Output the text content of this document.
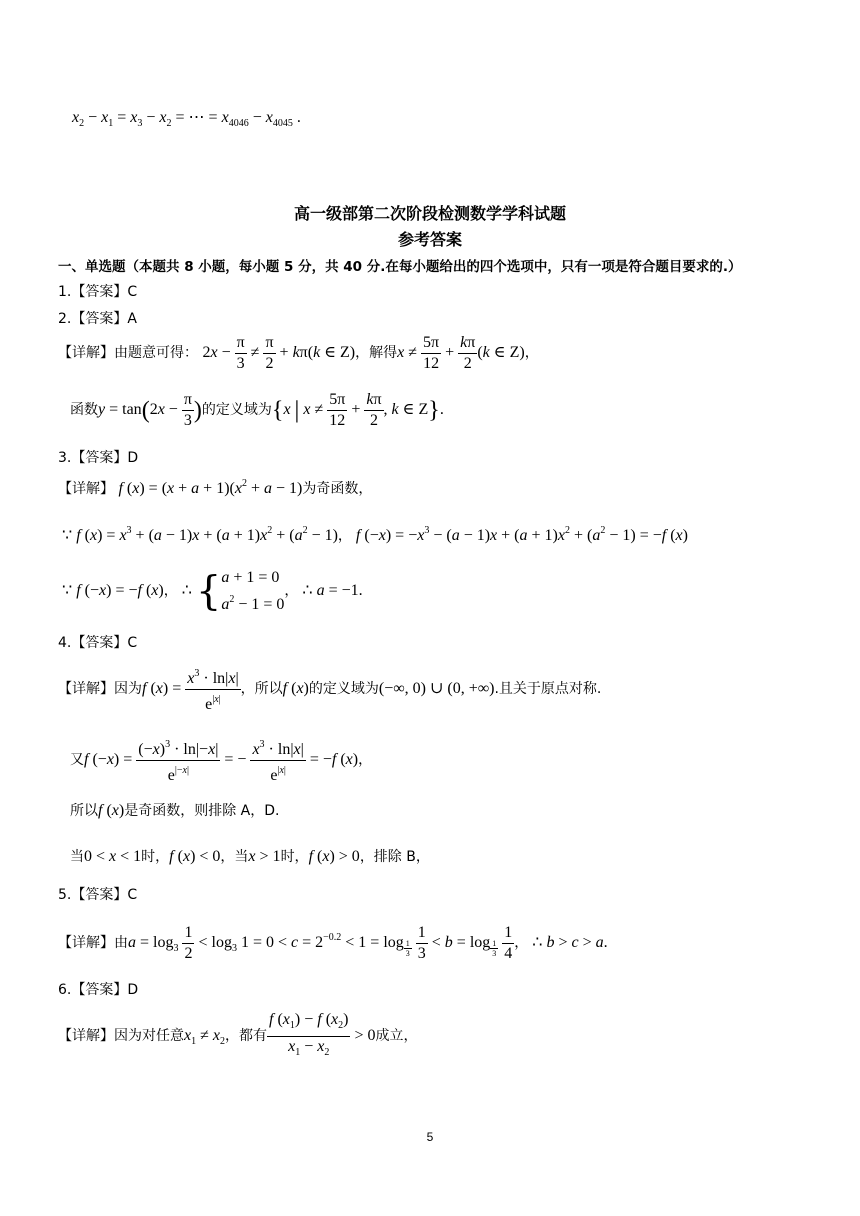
$x_2 - x_1 = x_3 - x_2$ = ⋯ = $x_{4046} - x_{4045}$ .
高一级部第二次阶段检测数学学科试题
参考答案
一、单选题（本题共 8 小题，每小题 5 分，共 40 分.在每小题给出的四个选项中，只有一项是符合题目要求的.）
1.【答案】C
2.【答案】A
【详解】由题意可得： $2x - \frac{\pi}{3} \ne \frac{\pi}{2} + k\pi(k$ ∈ Z)，解得$x \ne \frac{5\pi}{12} + \frac{k\pi}{2} (k$ ∈ Z)，
函数$y = \tan(2x - \frac{\pi}{3}$ )的定义域为{x | $x \ne \frac{5\pi}{12} + \frac{k\pi}{2}$ , k ∈ Z}.
3.【答案】D
【详解】 f $(x) = (x + a + 1)(x^2 + a - 1)$为奇函数，
∵ f $(x) = x^3 + (a - 1)x + (a + 1)x^2 + (a^2 - 1)$， f $(-x) = -x^3 - (a - 1)x + (a + 1)x^2 + (a^2 - 1) = -f$ (x)
∵ f (−x) = −f (x)， ∴ { a + 1 = 0
$a^2 - 1 = 0$
， ∴ a = −1.
4.【答案】C
【详解】因为f $(x) = \frac{x^3 \cdot \ln|x|}{e^{|x|}}$ ，所以f (x)的定义域为(−∞, 0) ∪ (0, +∞).且关于原点对称.
又f $(-x) = \frac{(-x)^3 \cdot \ln|-x|}{e^{|-x|}}$ = − $\frac{x^3 \cdot \ln|x|}{e^{|x|}} = -f$ (x)，
所以f (x)是奇函数，则排除 A，D.
当0 < x < 1时，f (x) < 0，当x > 1时，f (x) > 0，排除 B，
5.【答案】C
【详解】由$a = \log_3 \frac{1}{2} < \log_3 1 = 0 < c = 2^{-0.2} < 1 = \log _{\frac{1}{3}}$
$\frac{1}{3} < b = \log _{\frac{1}{3}}$
$\frac{1}{4}$ ， ∴ b > c > a.
6.【答案】D
【详解】因为对任意$x_1 \ne x_2$，都有 $\frac{f (x_1) - f (x_2)}{x_1 - x_2} > 0$成立，
5
